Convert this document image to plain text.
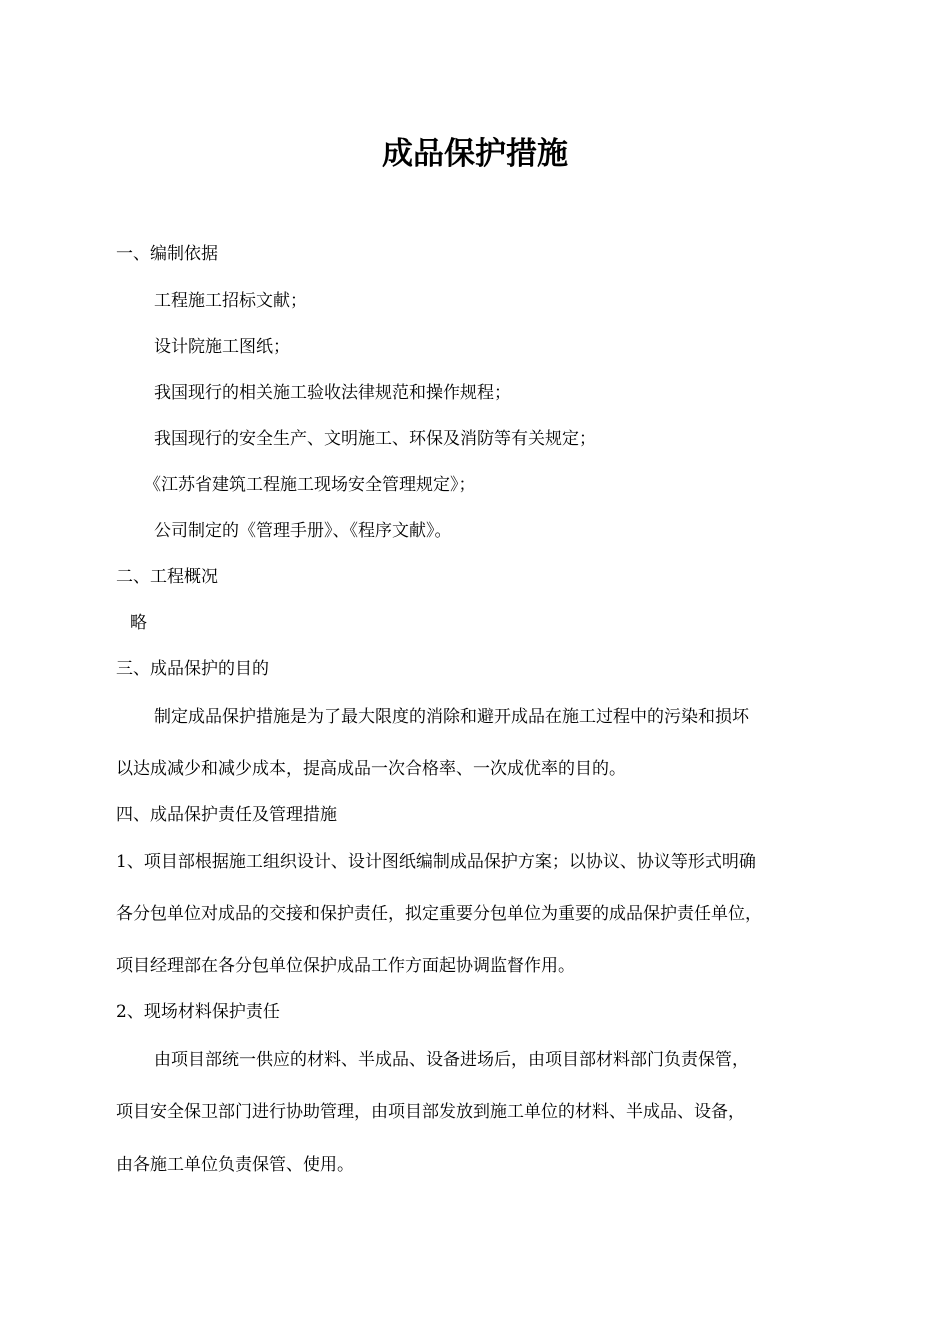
成品保护措施
一、编制依据
工程施工招标文献；
设计院施工图纸；
我国现行的相关施工验收法律规范和操作规程；
我国现行的安全生产、文明施工、环保及消防等有关规定；
《江苏省建筑工程施工现场安全管理规定》；
公司制定的《管理手册》、《程序文献》。
二、工程概况
略
三、成品保护的目的
制定成品保护措施是为了最大限度的消除和避开成品在施工过程中的污染和损坏
以达成减少和减少成本，提高成品一次合格率、一次成优率的目的。
四、成品保护责任及管理措施
1、项目部根据施工组织设计、设计图纸编制成品保护方案；以协议、协议等形式明确
各分包单位对成品的交接和保护责任，拟定重要分包单位为重要的成品保护责任单位，
项目经理部在各分包单位保护成品工作方面起协调监督作用。
2、现场材料保护责任
由项目部统一供应的材料、半成品、设备进场后，由项目部材料部门负责保管，
项目安全保卫部门进行协助管理，由项目部发放到施工单位的材料、半成品、设备，
由各施工单位负责保管、使用。
